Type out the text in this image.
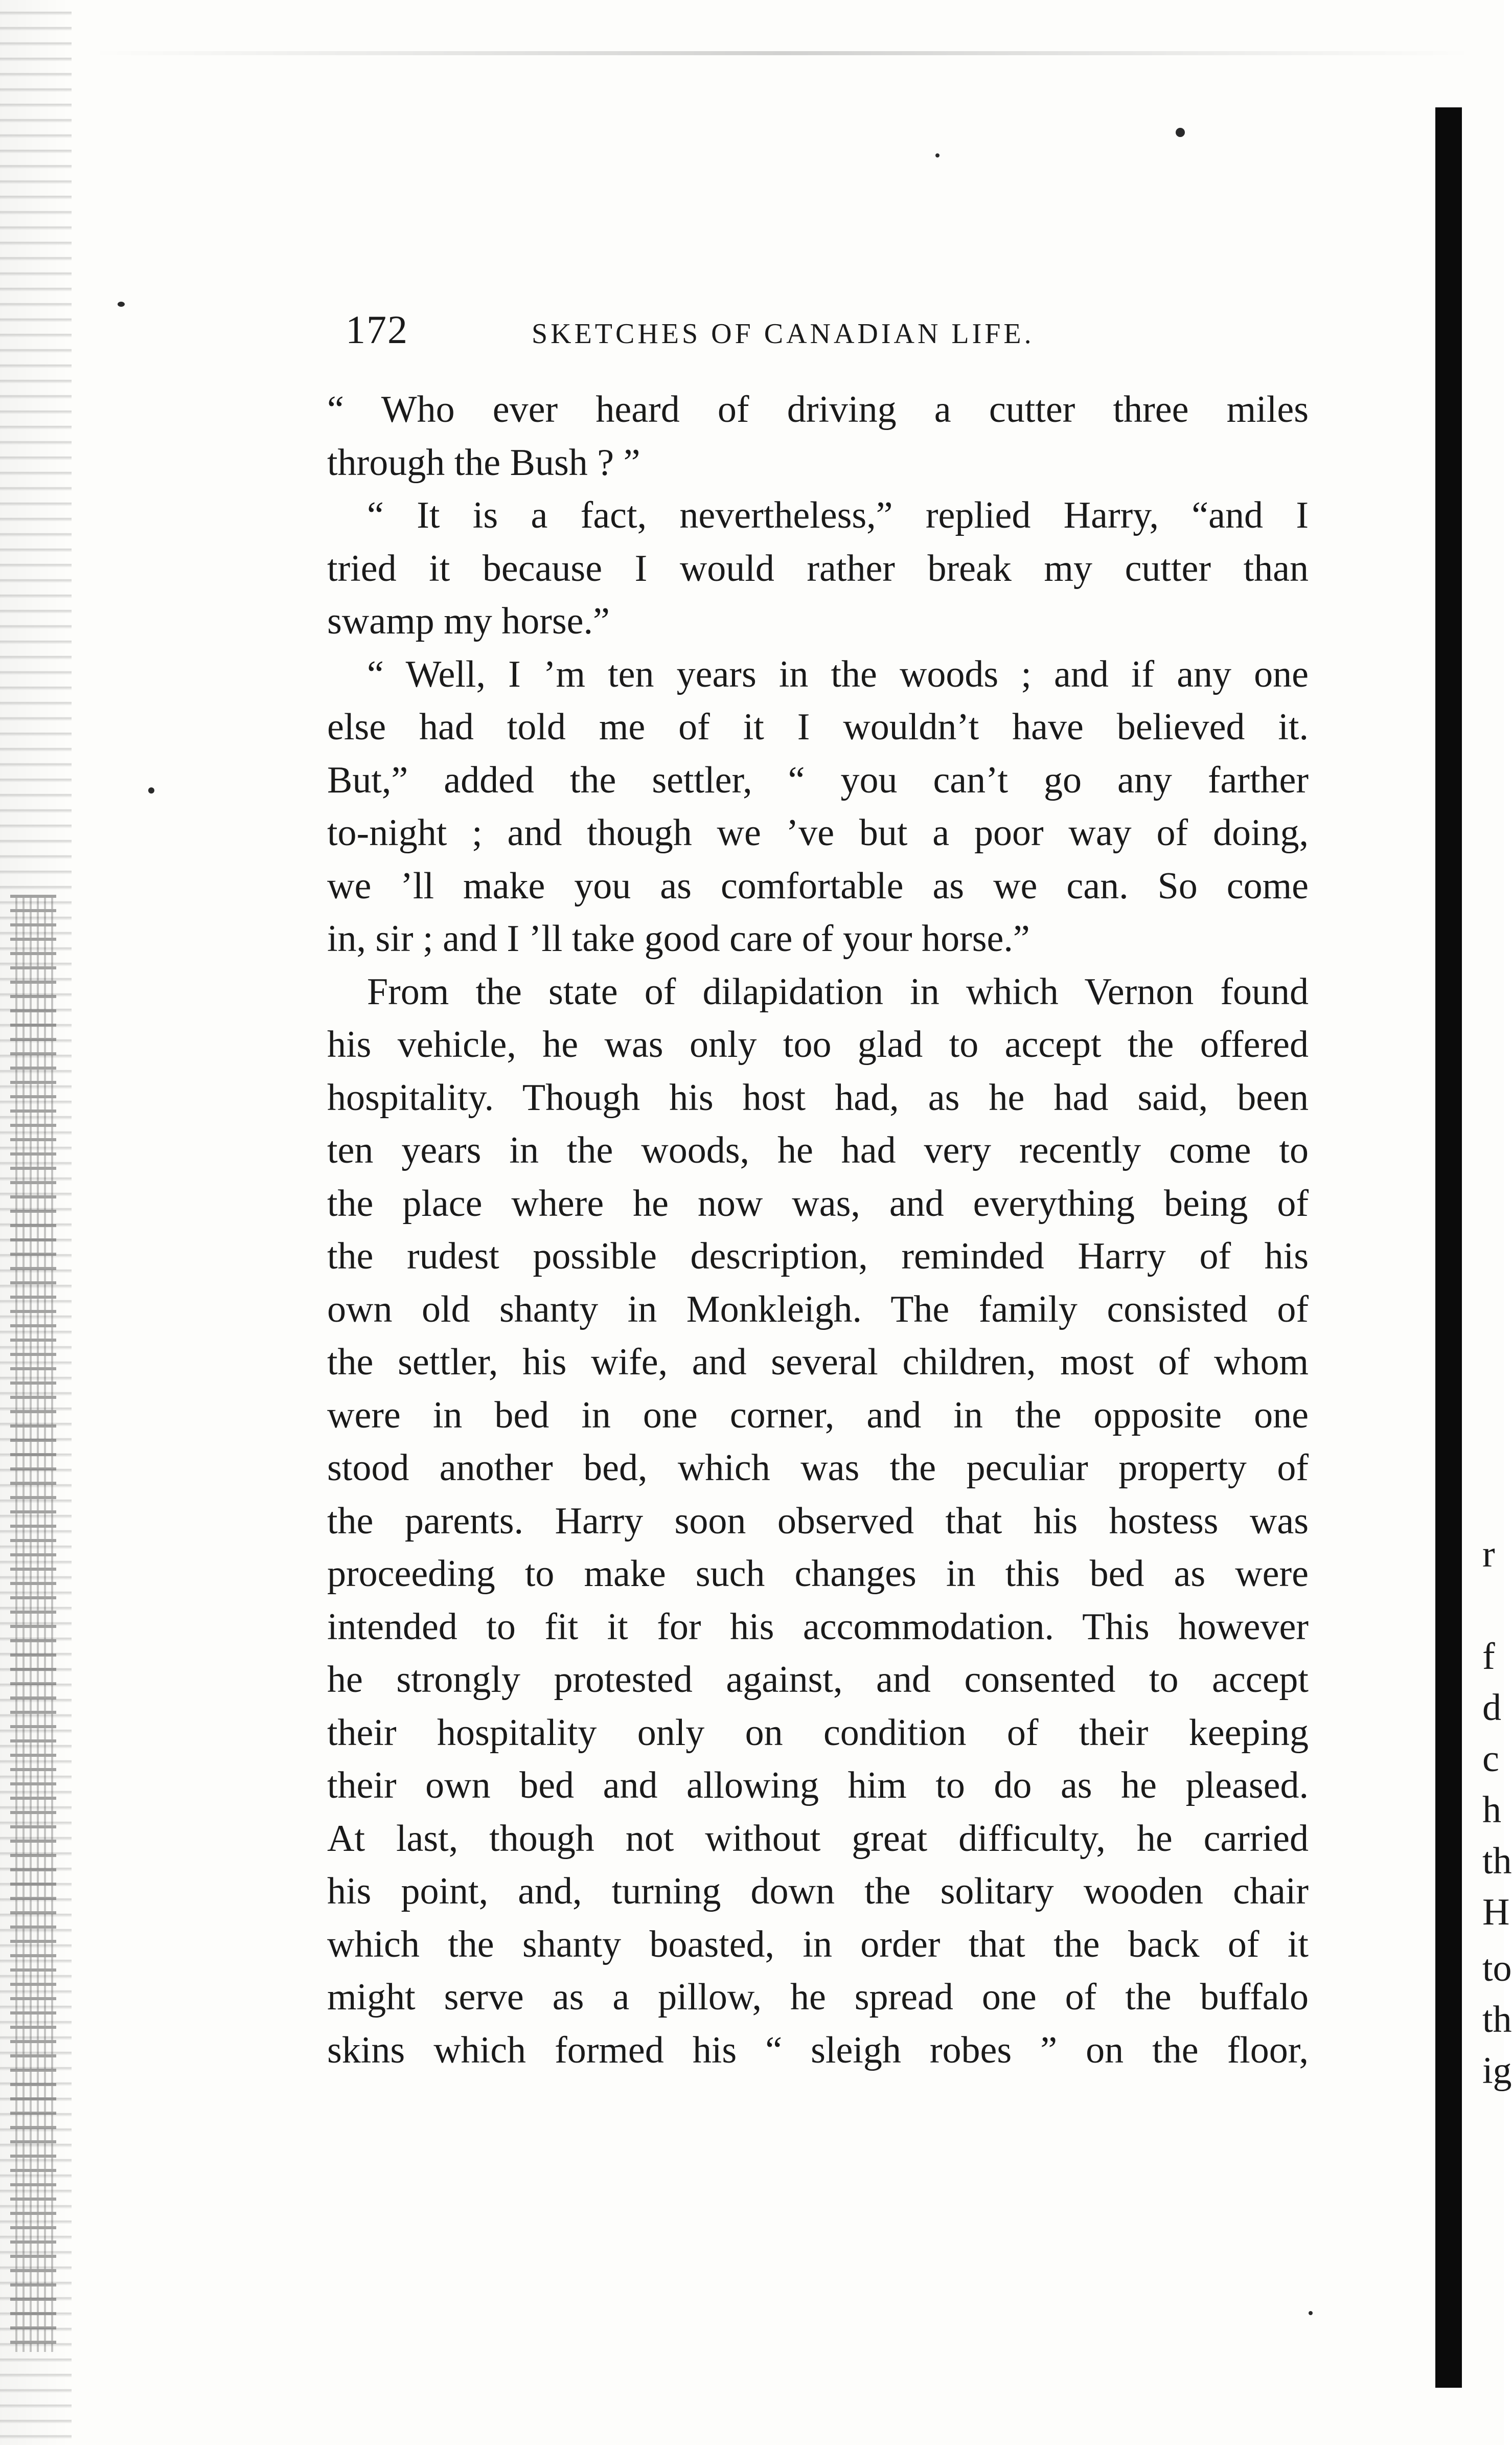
172	SKETCHES OF CANADIAN LIFE.
“ Who ever heard of driving a cutter three miles
through the Bush ? ”
“ It is a fact, nevertheless,” replied Harry, “and I
tried it because I would rather break my cutter than
swamp my horse.”
“ Well, I ’m ten years in the woods ; and if any one
else had told me of it I wouldn’t have believed it.
But,” added the settler, “ you can’t go any farther
to-night ; and though we ’ve but a poor way of doing,
we ’ll make you as comfortable as we can. So come
in, sir ; and I ’ll take good care of your horse.”
From the state of dilapidation in which Vernon found
his vehicle, he was only too glad to accept the offered
hospitality. Though his host had, as he had said, been
ten years in the woods, he had very recently come to
the place where he now was, and everything being of
the rudest possible description, reminded Harry of his
own old shanty in Monkleigh. The family consisted of
the settler, his wife, and several children, most of whom
were in bed in one corner, and in the opposite one
stood another bed, which was the peculiar property of
the parents. Harry soon observed that his hostess was
proceeding to make such changes in this bed as were
intended to fit it for his accommodation. This however
he strongly protested against, and consented to accept
their hospitality only on condition of their keeping
their own bed and allowing him to do as he pleased.
At last, though not without great difficulty, he carried
his point, and, turning down the solitary wooden chair
which the shanty boasted, in order that the back of it
might serve as a pillow, he spread one of the buffalo
skins which formed his “ sleigh robes ” on the floor,
r
f
d
c
h
th
H
to
th
ig
